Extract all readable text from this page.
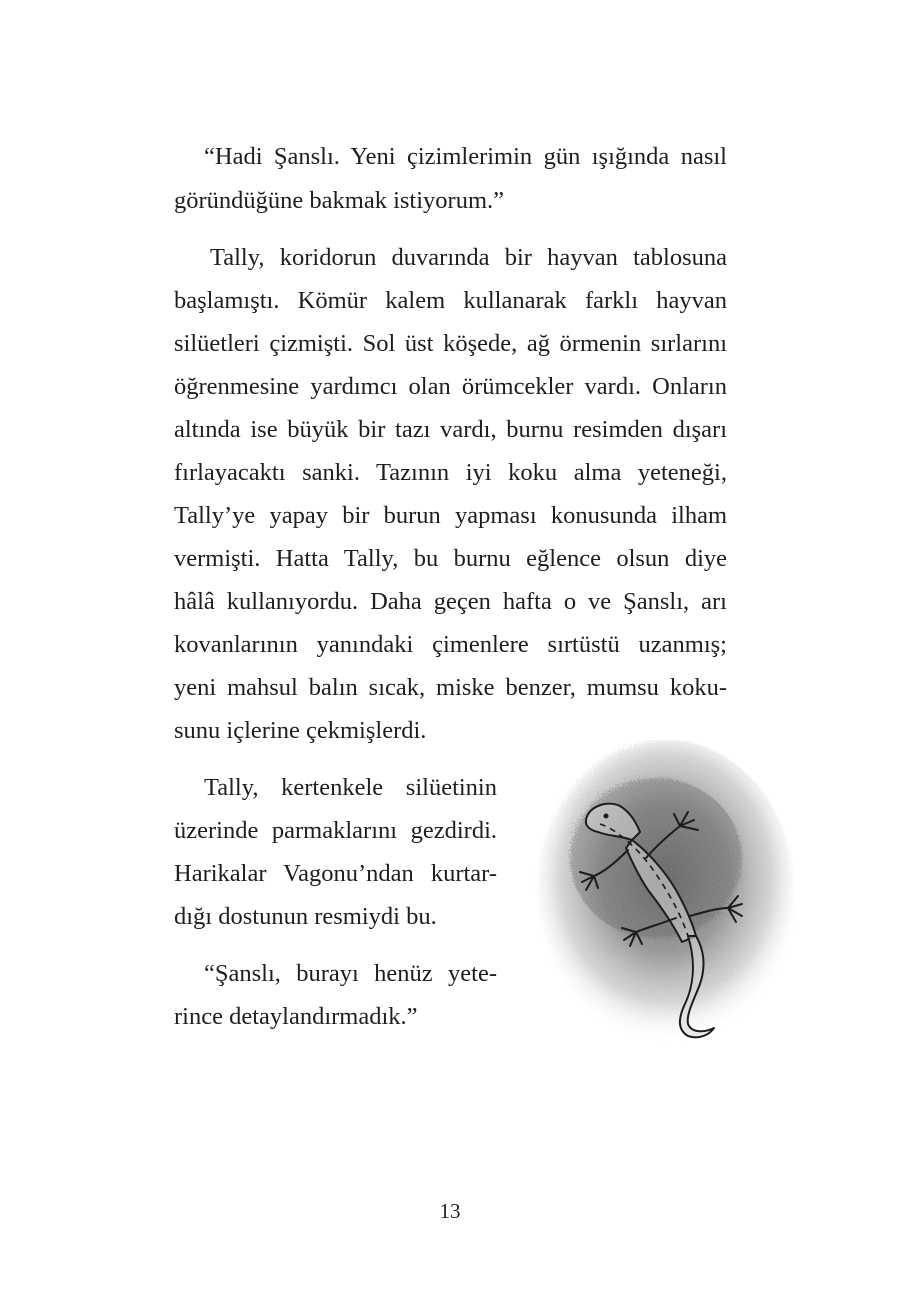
“Hadi Şanslı. Yeni çizimlerimin gün ışığında nasıl
göründüğüne bakmak istiyorum.”
Tally, koridorun duvarında bir hayvan tablosuna
başlamıştı. Kömür kalem kullanarak farklı hayvan
silüetleri çizmişti. Sol üst köşede, ağ örmenin sırlarını
öğrenmesine yardımcı olan örümcekler vardı. Onların
altında ise büyük bir tazı vardı, burnu resimden dışarı
fırlayacaktı sanki. Tazının iyi koku alma yeteneği,
Tally’ye yapay bir burun yapması konusunda ilham
vermişti. Hatta Tally, bu burnu eğlence olsun diye
hâlâ kullanıyordu. Daha geçen hafta o ve Şanslı, arı
kovanlarının yanındaki çimenlere sırtüstü uzanmış;
yeni mahsul balın sıcak, miske benzer, mumsu koku-
sunu içlerine çekmişlerdi.
Tally, kertenkele silüetinin
üzerinde parmaklarını gezdirdi.
Harikalar Vagonu’ndan kurtar-
dığı dostunun resmiydi bu.
“Şanslı, burayı henüz yete-
rince detaylandırmadık.”
13
